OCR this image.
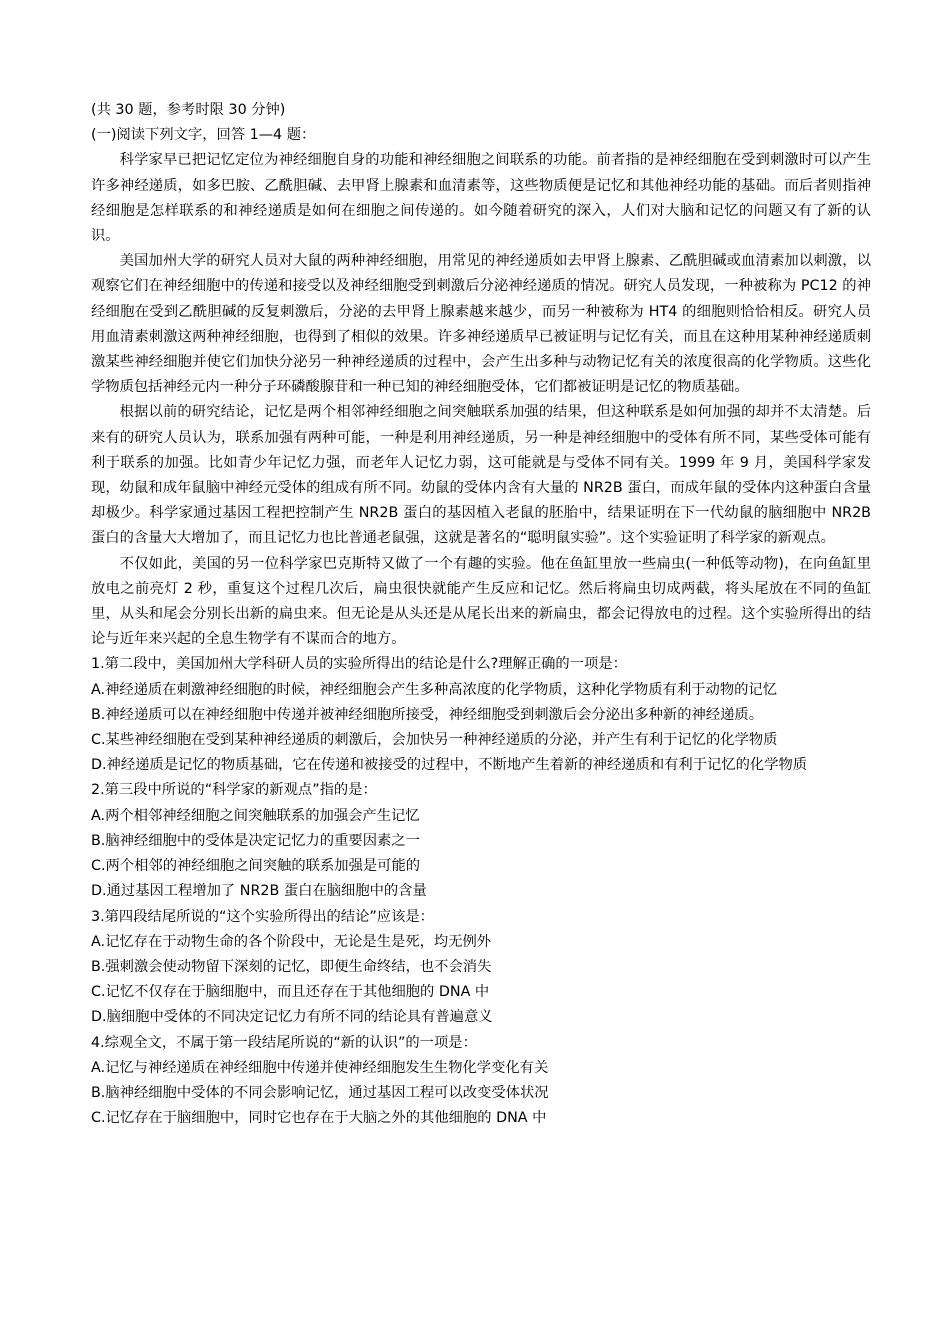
(共 30 题，参考时限 30 分钟)
(一)阅读下列文字，回答 1—4 题：

科学家早已把记忆定位为神经细胞自身的功能和神经细胞之间联系的功能。前者指的是神经细胞在受到刺激时可以产生许多神经递质，如多巴胺、乙酰胆碱、去甲肾上腺素和血清素等，这些物质便是记忆和其他神经功能的基础。而后者则指神经细胞是怎样联系的和神经递质是如何在细胞之间传递的。如今随着研究的深入，人们对大脑和记忆的问题又有了新的认识。

美国加州大学的研究人员对大鼠的两种神经细胞，用常见的神经递质如去甲肾上腺素、乙酰胆碱或血清素加以刺激，以观察它们在神经细胞中的传递和接受以及神经细胞受到刺激后分泌神经递质的情况。研究人员发现，一种被称为 PC12 的神经细胞在受到乙酰胆碱的反复刺激后，分泌的去甲肾上腺素越来越少，而另一种被称为 HT4 的细胞则恰恰相反。研究人员用血清素刺激这两种神经细胞，也得到了相似的效果。许多神经递质早已被证明与记忆有关，而且在这种用某种神经递质刺激某些神经细胞并使它们加快分泌另一种神经递质的过程中，会产生出多种与动物记忆有关的浓度很高的化学物质。这些化学物质包括神经元内一种分子环磷酸腺苷和一种已知的神经细胞受体，它们都被证明是记忆的物质基础。

根据以前的研究结论，记忆是两个相邻神经细胞之间突触联系加强的结果，但这种联系是如何加强的却并不太清楚。后来有的研究人员认为，联系加强有两种可能，一种是利用神经递质，另一种是神经细胞中的受体有所不同，某些受体可能有利于联系的加强。比如青少年记忆力强，而老年人记忆力弱，这可能就是与受体不同有关。1999 年 9 月，美国科学家发现，幼鼠和成年鼠脑中神经元受体的组成有所不同。幼鼠的受体内含有大量的 NR2B 蛋白，而成年鼠的受体内这种蛋白含量却极少。科学家通过基因工程把控制产生 NR2B 蛋白的基因植入老鼠的胚胎中，结果证明在下一代幼鼠的脑细胞中 NR2B 蛋白的含量大大增加了，而且记忆力也比普通老鼠强，这就是著名的“聪明鼠实验”。这个实验证明了科学家的新观点。

不仅如此，美国的另一位科学家巴克斯特又做了一个有趣的实验。他在鱼缸里放一些扁虫(一种低等动物)，在向鱼缸里放电之前亮灯 2 秒，重复这个过程几次后，扁虫很快就能产生反应和记忆。然后将扁虫切成两截，将头尾放在不同的鱼缸里，从头和尾会分别长出新的扁虫来。但无论是从头还是从尾长出来的新扁虫，都会记得放电的过程。这个实验所得出的结论与近年来兴起的全息生物学有不谋而合的地方。

1.第二段中，美国加州大学科研人员的实验所得出的结论是什么?理解正确的一项是：
A.神经递质在刺激神经细胞的时候，神经细胞会产生多种高浓度的化学物质，这种化学物质有利于动物的记忆
B.神经递质可以在神经细胞中传递并被神经细胞所接受，神经细胞受到刺激后会分泌出多种新的神经递质。
C.某些神经细胞在受到某种神经递质的刺激后，会加快另一种神经递质的分泌，并产生有利于记忆的化学物质
D.神经递质是记忆的物质基础，它在传递和被接受的过程中，不断地产生着新的神经递质和有利于记忆的化学物质
2.第三段中所说的“科学家的新观点”指的是：
A.两个相邻神经细胞之间突触联系的加强会产生记忆
B.脑神经细胞中的受体是决定记忆力的重要因素之一
C.两个相邻的神经细胞之间突触的联系加强是可能的
D.通过基因工程增加了 NR2B 蛋白在脑细胞中的含量
3.第四段结尾所说的“这个实验所得出的结论”应该是：
A.记忆存在于动物生命的各个阶段中，无论是生是死，均无例外
B.强刺激会使动物留下深刻的记忆，即便生命终结，也不会消失
C.记忆不仅存在于脑细胞中，而且还存在于其他细胞的 DNA 中
D.脑细胞中受体的不同决定记忆力有所不同的结论具有普遍意义
4.综观全文，不属于第一段结尾所说的“新的认识”的一项是：
A.记忆与神经递质在神经细胞中传递并使神经细胞发生生物化学变化有关
B.脑神经细胞中受体的不同会影响记忆，通过基因工程可以改变受体状况
C.记忆存在于脑细胞中，同时它也存在于大脑之外的其他细胞的 DNA 中
